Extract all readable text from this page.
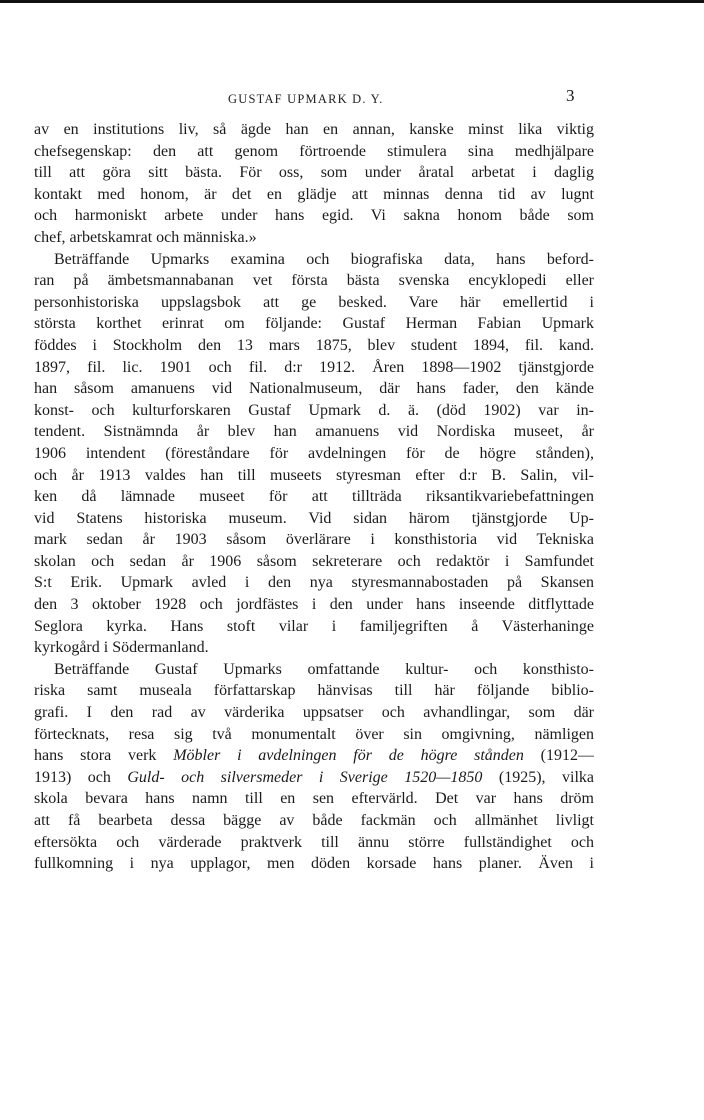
GUSTAF UPMARK D. Y.	3
av en institutions liv, så ägde han en annan, kanske minst lika viktig
chefsegenskap: den att genom förtroende stimulera sina medhjälpare
till att göra sitt bästa. För oss, som under åratal arbetat i daglig
kontakt med honom, är det en glädje att minnas denna tid av lugnt
och harmoniskt arbete under hans egid. Vi sakna honom både som
chef, arbetskamrat och människa.»
Beträffande Upmarks examina och biografiska data, hans beford-
ran på ämbetsmannabanan vet första bästa svenska encyklopedi eller
personhistoriska uppslagsbok att ge besked. Vare här emellertid i
största korthet erinrat om följande: Gustaf Herman Fabian Upmark
föddes i Stockholm den 13 mars 1875, blev student 1894, fil. kand.
1897, fil. lic. 1901 och fil. d:r 1912. Åren 1898—1902 tjänstgjorde
han såsom amanuens vid Nationalmuseum, där hans fader, den kände
konst- och kulturforskaren Gustaf Upmark d. ä. (död 1902) var in-
tendent. Sistnämnda år blev han amanuens vid Nordiska museet, år
1906 intendent (föreståndare för avdelningen för de högre stånden),
och år 1913 valdes han till museets styresman efter d:r B. Salin, vil-
ken då lämnade museet för att tillträda riksantikvariebefattningen
vid Statens historiska museum. Vid sidan härom tjänstgjorde Up-
mark sedan år 1903 såsom överlärare i konsthistoria vid Tekniska
skolan och sedan år 1906 såsom sekreterare och redaktör i Samfundet
S:t Erik. Upmark avled i den nya styresmannabostaden på Skansen
den 3 oktober 1928 och jordfästes i den under hans inseende ditflyttade
Seglora kyrka. Hans stoft vilar i familjegriften å Västerhaninge
kyrkogård i Södermanland.
Beträffande Gustaf Upmarks omfattande kultur- och konsthisto-
riska samt museala författarskap hänvisas till här följande biblio-
grafi. I den rad av värderika uppsatser och avhandlingar, som där
förtecknats, resa sig två monumentalt över sin omgivning, nämligen
hans stora verk Möbler i avdelningen för de högre stånden (1912—
1913) och Guld- och silversmeder i Sverige 1520—1850 (1925), vilka
skola bevara hans namn till en sen eftervärld. Det var hans dröm
att få bearbeta dessa bägge av både fackmän och allmänhet livligt
eftersökta och värderade praktverk till ännu större fullständighet och
fullkomning i nya upplagor, men döden korsade hans planer. Även i
